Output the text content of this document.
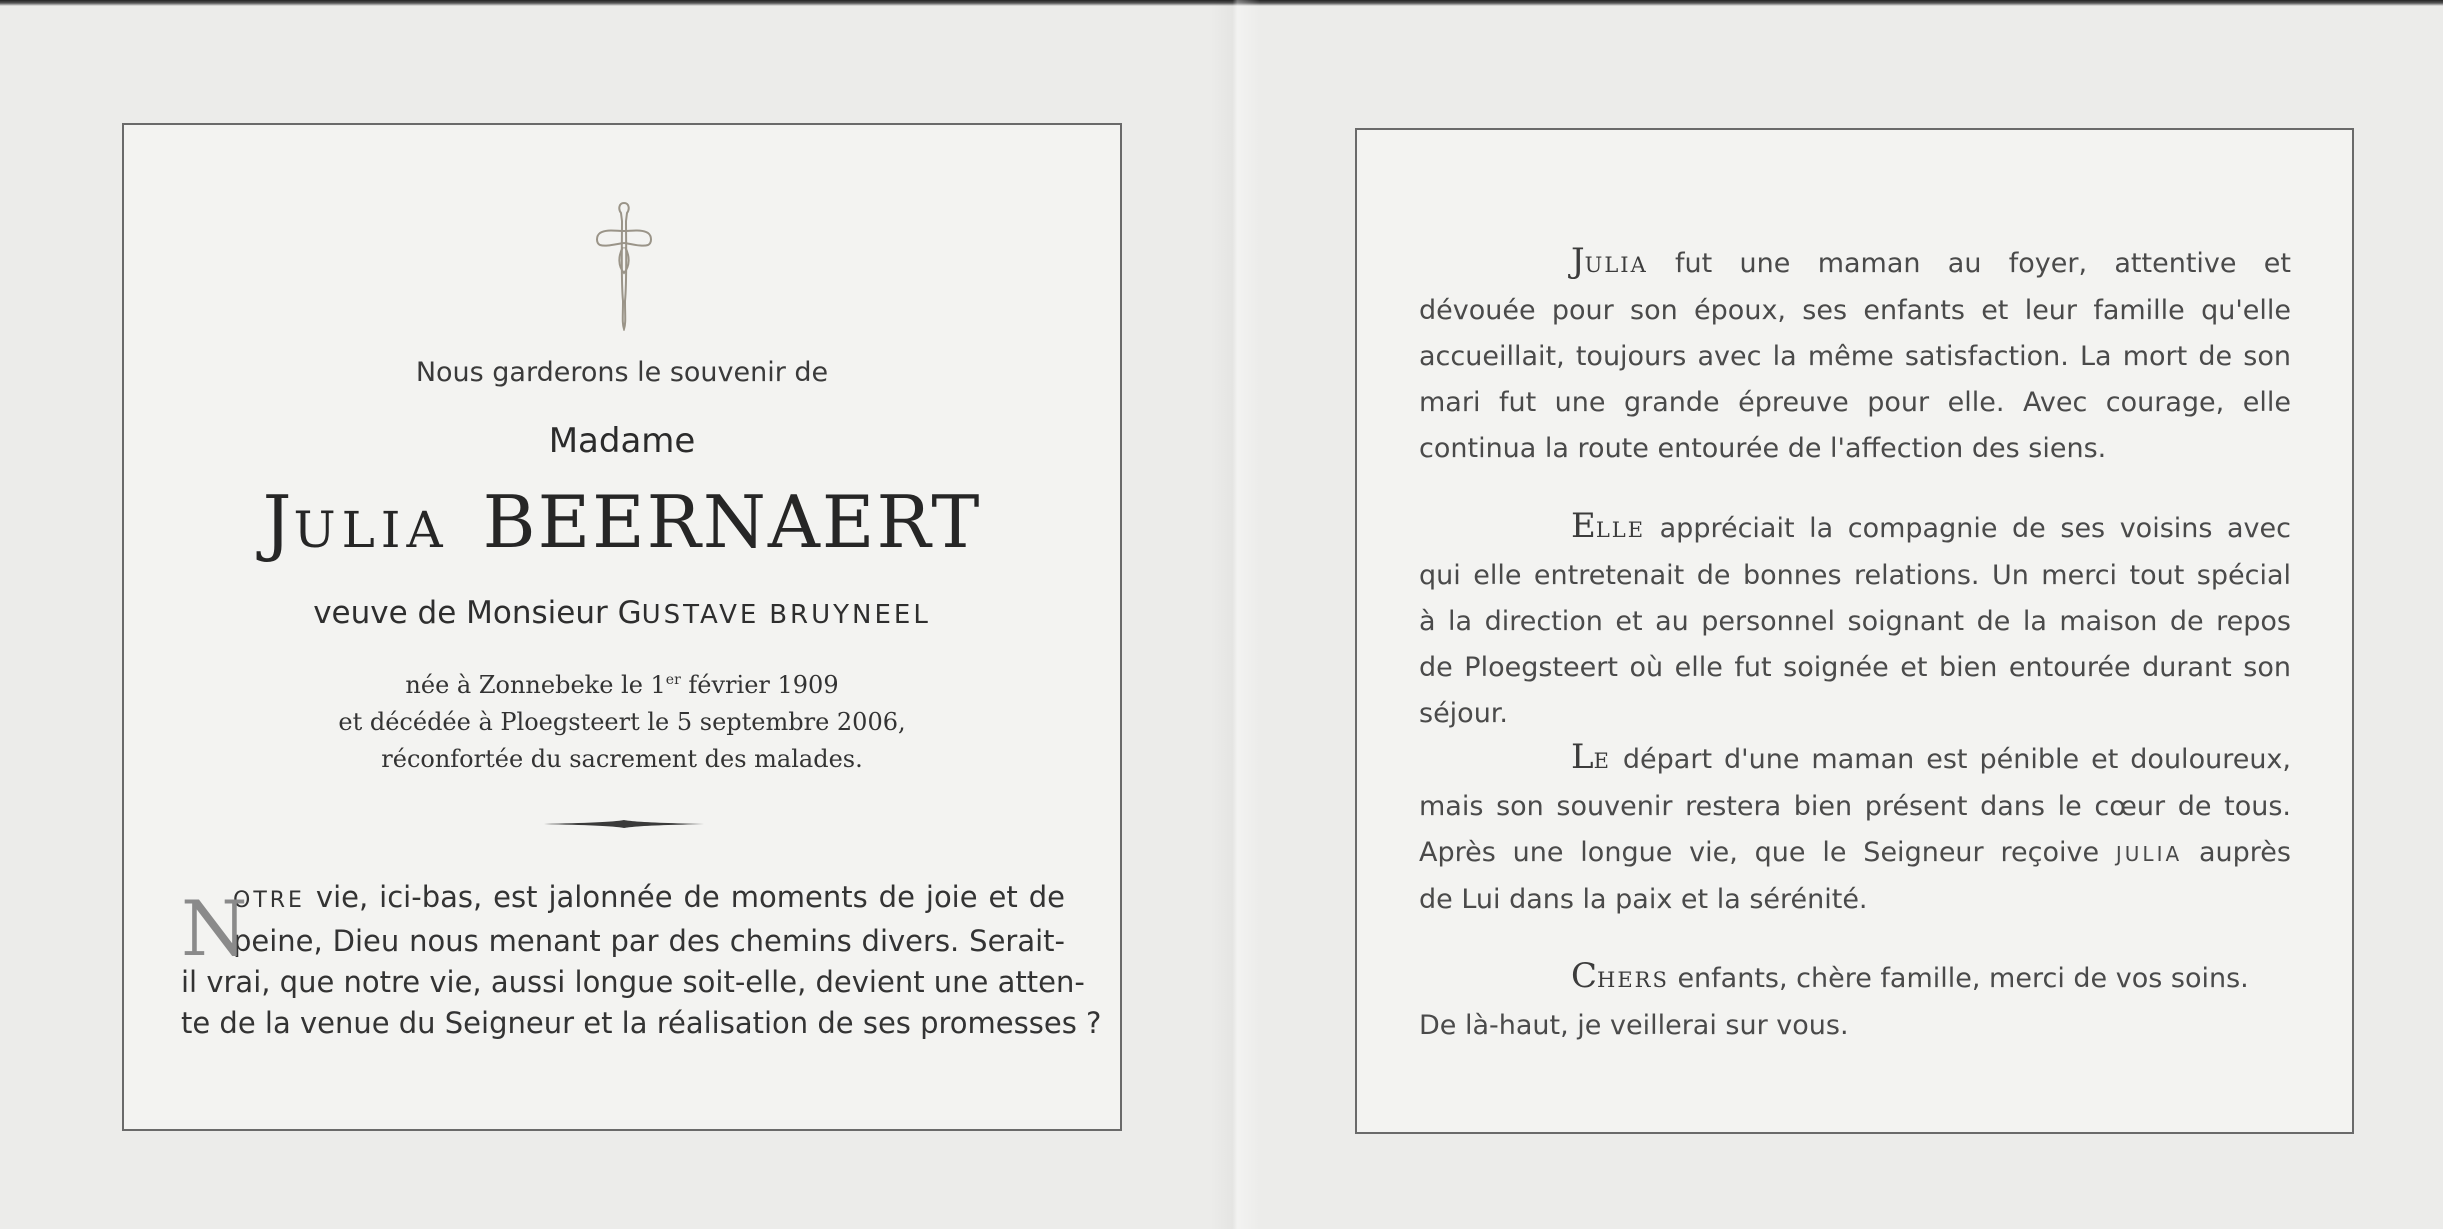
Nous garderons le souvenir de
Madame
JULIA BEERNAERT
veuve de Monsieur GUSTAVE BRUYNEEL
née à Zonnebeke le 1er février 1909
et décédée à Ploegsteert le 5 septembre 2006,
réconfortée du sacrement des malades.
N
OTRE vie, ici-bas, est jalonnée de moments de joie et de
peine, Dieu nous menant par des chemins divers. Serait-
il vrai, que notre vie, aussi longue soit-elle, devient une atten-
te de la venue du Seigneur et la réalisation de ses promesses ?
JULIA fut une maman au foyer, attentive et
dévouée pour son époux, ses enfants et leur famille qu'elle
accueillait, toujours avec la même satisfaction. La mort de son
mari fut une grande épreuve pour elle. Avec courage, elle
continua la route entourée de l'affection des siens.
ELLE appréciait la compagnie de ses voisins avec
qui elle entretenait de bonnes relations. Un merci tout spécial
à la direction et au personnel soignant de la maison de repos
de Ploegsteert où elle fut soignée et bien entourée durant son
séjour.
LE départ d'une maman est pénible et douloureux,
mais son souvenir restera bien présent dans le cœur de tous.
Après une longue vie, que le Seigneur reçoive JULIA auprès
de Lui dans la paix et la sérénité.
CHERS enfants, chère famille, merci de vos soins.
De là-haut, je veillerai sur vous.
